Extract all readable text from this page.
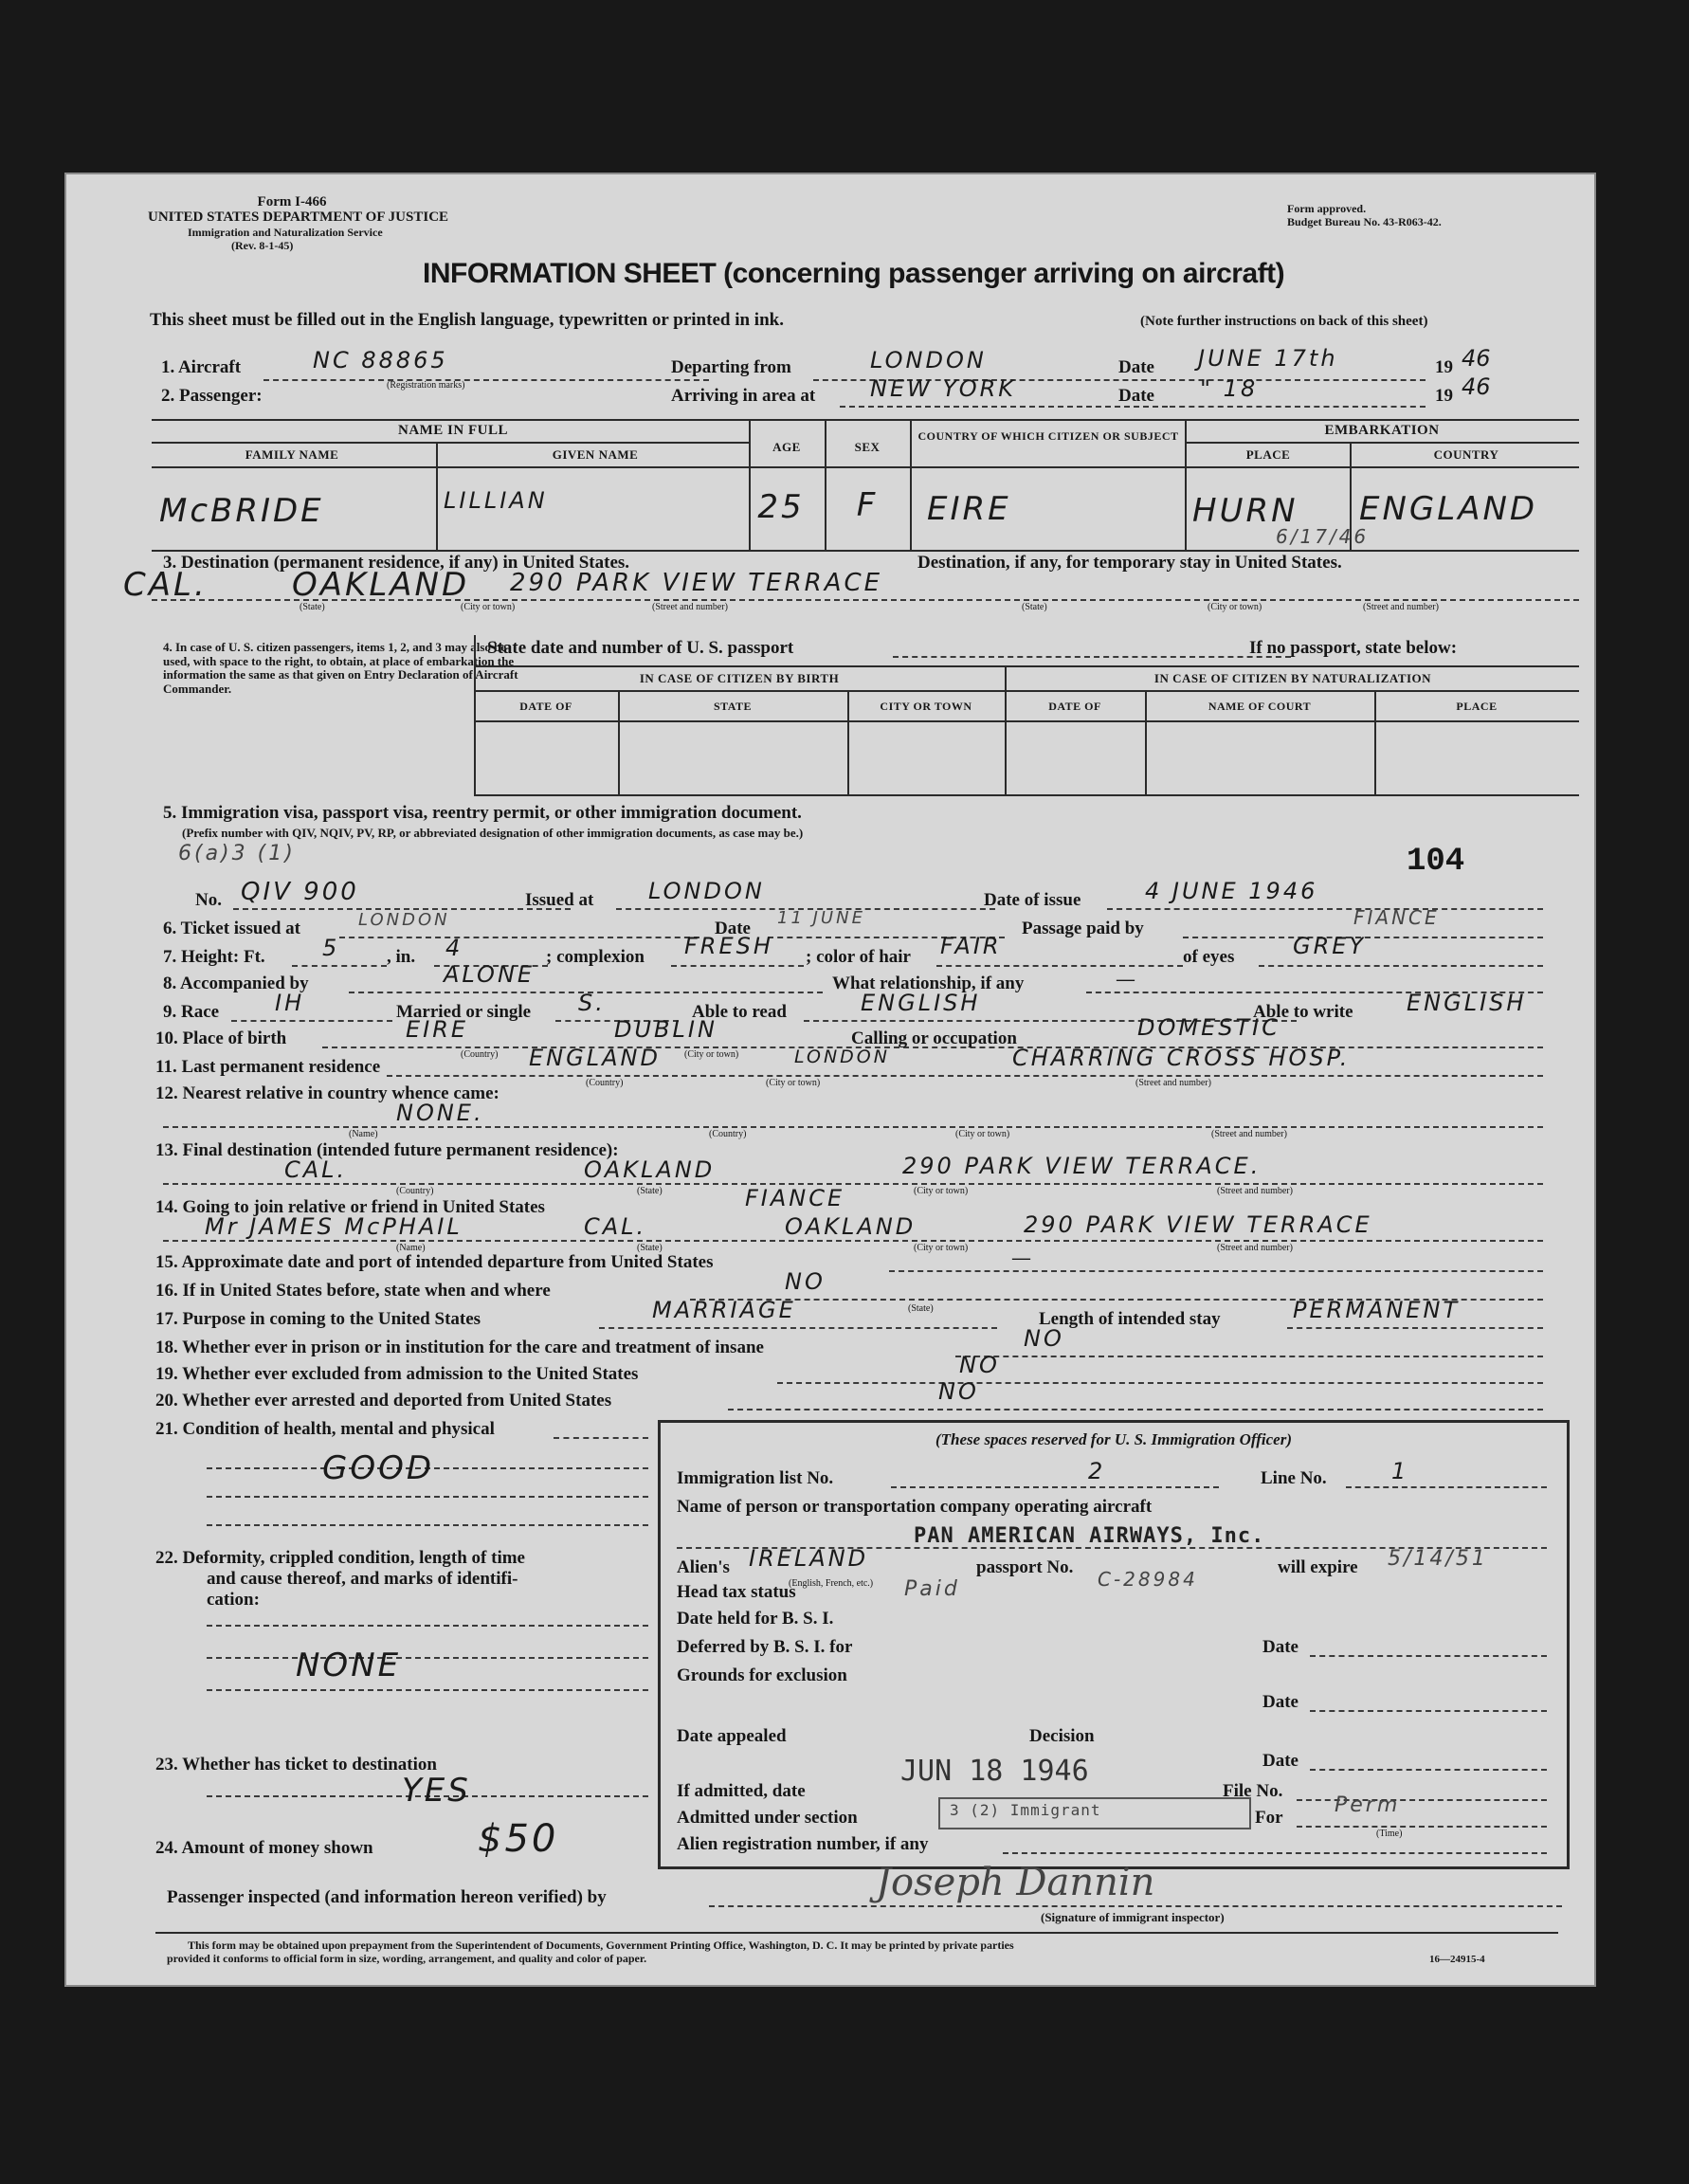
Form I-466
UNITED STATES DEPARTMENT OF JUSTICE
Immigration and Naturalization Service
(Rev. 8-1-45)
Form approved.
Budget Bureau No. 43-R063-42.
INFORMATION SHEET (concerning passenger arriving on aircraft)
This sheet must be filled out in the English language, typewritten or printed in ink.	(Note further instructions on back of this sheet)
1. Aircraft	NC 88865
(Registration marks)
Departing from	LONDON	Date JUNE 17th	19 46
2. Passenger:	Arriving in area at NEW YORK	Date " 18	19 46
NAME IN FULL
FAMILY NAME	GIVEN NAME
AGE	SEX
COUNTRY OF WHICH CITIZEN OR SUBJECT	EMBARKATION
PLACE	COUNTRY
McBRIDE	LILLIAN	25	F	EIRE	HURN ENGLAND
6/17/46
3. Destination (permanent residence, if any) in United States.	Destination, if any, for temporary stay in United States.
CAL.	OAKLAND 290 PARK VIEW TERRACE
(State)	(City or town)	(Street and number)	(State)	(City or town)	(Street and number)
4. In case of U. S. citizen passengers, items 1, 2, and 3 may also be used, with space to the right, to obtain, at place of embarkation the information the same as that given on Entry Declaration of Aircraft Commander.
State date and number of U. S. passport	If no passport, state below:
IN CASE OF CITIZEN BY BIRTH	IN CASE OF CITIZEN BY NATURALIZATION
DATE OF	STATE	CITY OR TOWN	DATE OF	NAME OF COURT	PLACE
5. Immigration visa, passport visa, reentry permit, or other immigration document.
(Prefix number with QIV, NQIV, PV, RP, or abbreviated designation of other immigration documents, as case may be.)
6(a)3 (1)	104
No. QIV 900	Issued at LONDON	Date of issue	4 JUNE 1946
6. Ticket issued at	LONDON	Date
11 JUNE
Passage paid by	FIANCE
7. Height: Ft.	5	, in. 4	; complexion FRESH ; color of hair FAIR	of eyes	GREY
8. Accompanied by	ALONE	What relationship, if any	—
9. Race IH	Married or single S.	Able to read	ENGLISH	Able to write ENGLISH
10. Place of birth	EIRE	DUBLIN
(Country)	(City or town)
Calling or occupation	DOMESTIC
11. Last permanent residence	ENGLAND	LONDON	CHARRING CROSS HOSP.
(Country)	(City or town)	(Street and number)
12. Nearest relative in country whence came:
NONE.
(Name)	(Country)	(City or town)	(Street and number)
13. Final destination (intended future permanent residence):
CAL.	OAKLAND	290 PARK VIEW TERRACE.
(Country)	(State)	(City or town)	(Street and number)
14. Going to join relative or friend in United States	FIANCE
Mr JAMES McPHAIL	CAL.	OAKLAND	290 PARK VIEW TERRACE
(Name)	(State)	(City or town)	(Street and number)
15. Approximate date and port of intended departure from United States	—
16. If in United States before, state when and where	NO
17. Purpose in coming to the United States	MARRIAGE	(State)
Length of intended stay	PERMANENT
18. Whether ever in prison or in institution for the care and treatment of insane	NO
19. Whether ever excluded from admission to the United States	NO
20. Whether ever arrested and deported from United States	NO
21. Condition of health, mental and physical
GOOD
22. Deformity, crippled condition, length of time
and cause thereof, and marks of identifi-
cation:
NONE
23. Whether has ticket to destination
YES
24. Amount of money shown	$50
(These spaces reserved for U. S. Immigration Officer)
Immigration list No.	2	Line No.	1
Name of person or transportation company operating aircraft
PAN AMERICAN AIRWAYS, Inc.
Alien's IRELAND
(English, French, etc.)
passport No.
C-28984
will expire 5/14/51
Head tax status	Paid
Date held for B. S. I.
Deferred by B. S. I. for	Date
Grounds for exclusion
Date
Date appealed	Decision
Date
If admitted, date
JUN 18 1946
File No.
Admitted under section	3 (2) Immigrant	For
Perm
(Time)
Alien registration number, if any
Passenger inspected (and information hereon verified) by	Joseph Dannin
(Signature of immigrant inspector)
This form may be obtained upon prepayment from the Superintendent of Documents, Government Printing Office, Washington, D. C. It may be printed by private parties
provided it conforms to official form in size, wording, arrangement, and quality and color of paper.	16—24915-4
